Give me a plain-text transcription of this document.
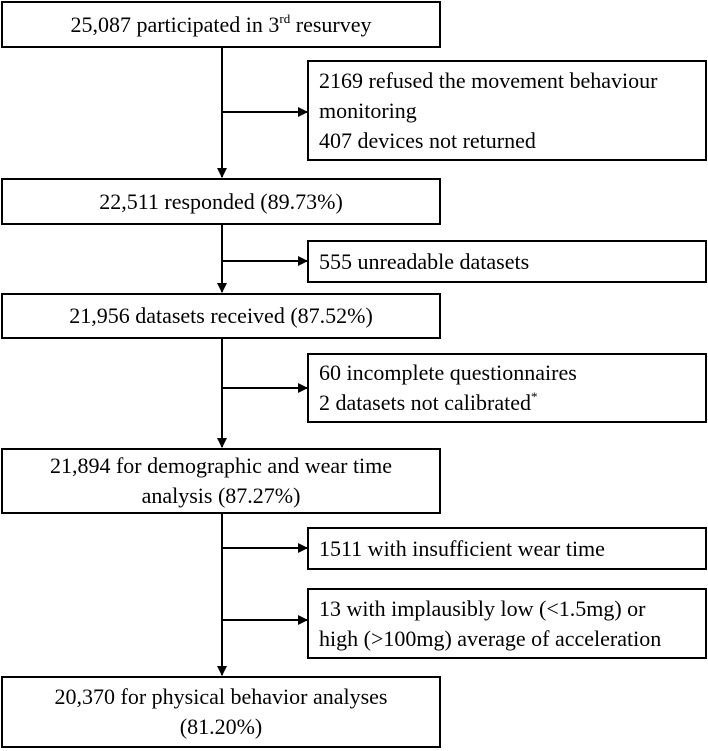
25,087 participated in 3rd resurvey
22,511 responded (89.73%)
21,956 datasets received (87.52%)
21,894 for demographic and wear time
analysis (87.27%)
20,370 for physical behavior analyses
(81.20%)
2169 refused the movement behaviour
monitoring
407 devices not returned
555 unreadable datasets
60 incomplete questionnaires
2 datasets not calibrated*
1511 with insufficient wear time
13 with implausibly low (<1.5mg) or
high (>100mg) average of acceleration
